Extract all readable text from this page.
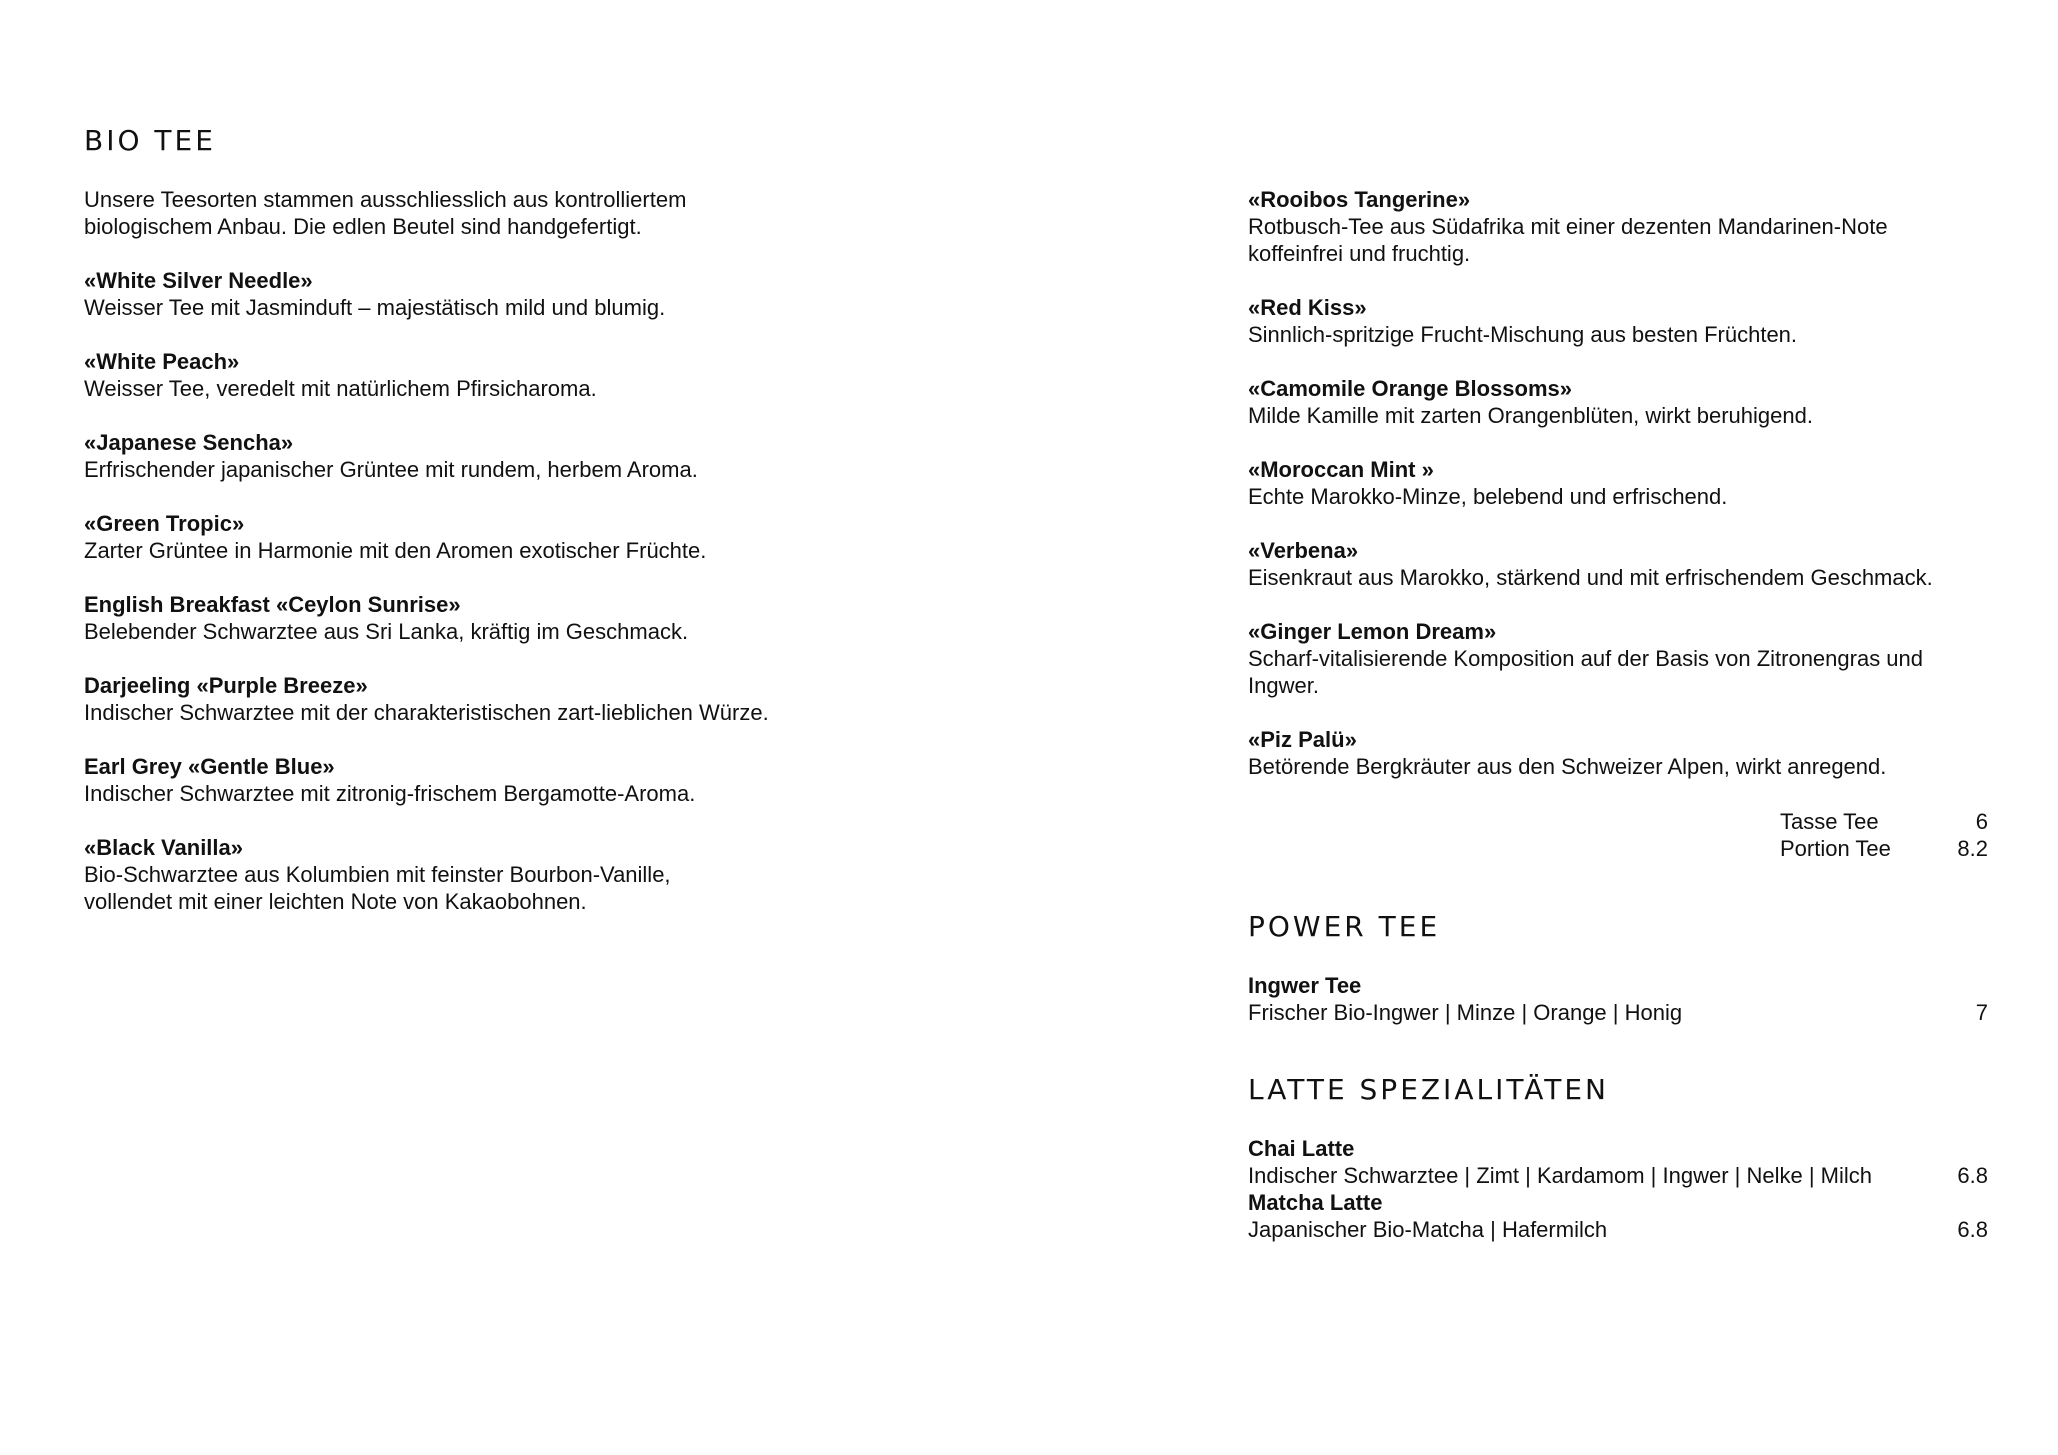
BIO TEE

Unsere Teesorten stammen ausschliesslich aus kontrolliertem biologischem Anbau. Die edlen Beutel sind handgefertigt.

«White Silver Needle»

Weisser Tee mit Jasminduft – majestätisch mild und blumig.

«White Peach»

Weisser Tee, veredelt mit natürlichem Pfirsicharoma.

«Japanese Sencha»

Erfrischender japanischer Grüntee mit rundem, herbem Aroma.

«Green Tropic»

Zarter Grüntee in Harmonie mit den Aromen exotischer Früchte.

English Breakfast «Ceylon Sunrise»

Belebender Schwarztee aus Sri Lanka, kräftig im Geschmack.

Darjeeling «Purple Breeze»

Indischer Schwarztee mit der charakteristischen zart-lieblichen Würze.

Earl Grey «Gentle Blue»

Indischer Schwarztee mit zitronig-frischem Bergamotte-Aroma.

«Black Vanilla»

Bio-Schwarztee aus Kolumbien mit feinster Bourbon-Vanille, vollendet mit einer leichten Note von Kakaobohnen.

«Rooibos Tangerine»

Rotbusch-Tee aus Südafrika mit einer dezenten Mandarinen-Note koffeinfrei und fruchtig.

«Red Kiss»

Sinnlich-spritzige Frucht-Mischung aus besten Früchten.

«Camomile Orange Blossoms»

Milde Kamille mit zarten Orangenblüten, wirkt beruhigend.

«Moroccan Mint »

Echte Marokko-Minze, belebend und erfrischend.

«Verbena»

Eisenkraut aus Marokko, stärkend und mit erfrischendem Geschmack.

«Ginger Lemon Dream»

Scharf-vitalisierende Komposition auf der Basis von Zitronengras und Ingwer.

«Piz Palü»

Betörende Bergkräuter aus den Schweizer Alpen, wirkt anregend.

Tasse Tee	6
Portion Tee	8.2
POWER TEE

Ingwer Tee

Frischer Bio-Ingwer | Minze | Orange | Honig	7
LATTE SPEZIALITÄTEN

Chai Latte

Indischer Schwarztee | Zimt | Kardamom | Ingwer | Nelke | Milch	6.8

Matcha Latte

Japanischer Bio-Matcha | Hafermilch	6.8
